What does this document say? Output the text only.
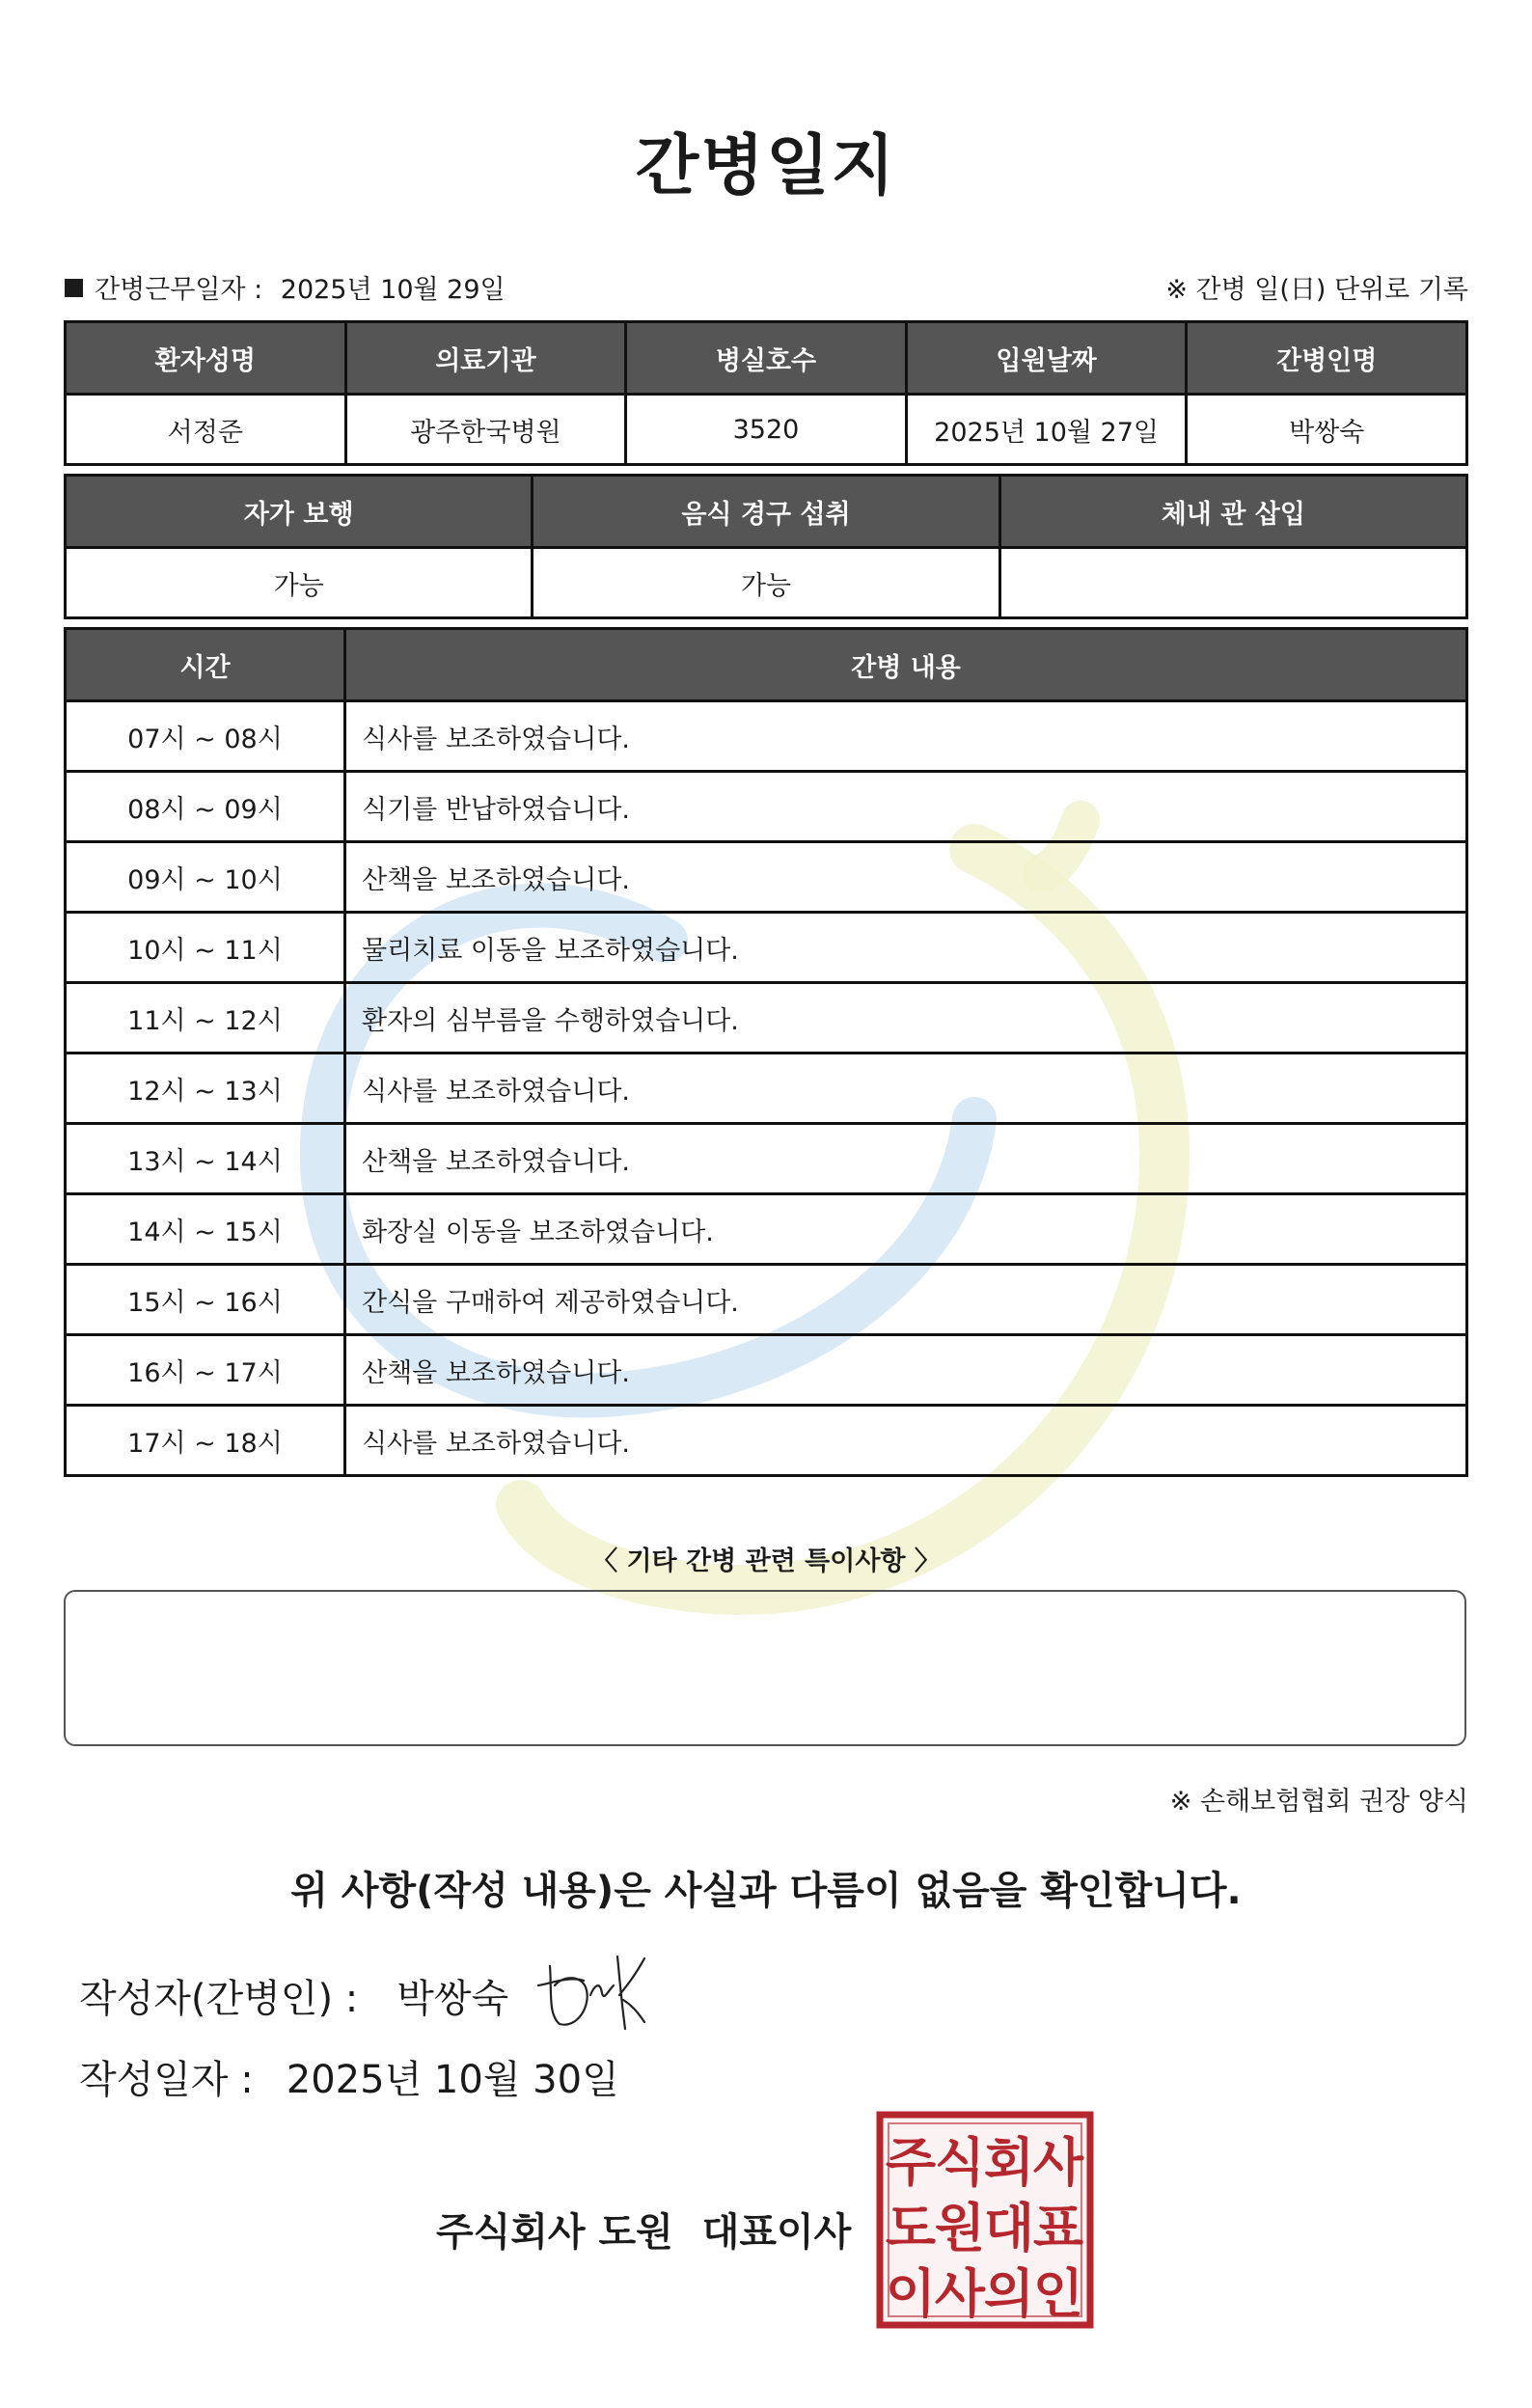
간병일지
간병근무일자 : 2025년 10월 29일	※ 간병 일(日) 단위로 기록
환자성명	의료기관	병실호수	입원날짜	간병인명
서정준	광주한국병원	3520	2025년 10월 27일	박쌍숙
자가 보행	음식 경구 섭취	체내 관 삽입
가능	가능	
시간	간병 내용
07시 ~ 08시	식사를 보조하였습니다.
08시 ~ 09시	식기를 반납하였습니다.
09시 ~ 10시	산책을 보조하였습니다.
10시 ~ 11시	물리치료 이동을 보조하였습니다.
11시 ~ 12시	환자의 심부름을 수행하였습니다.
12시 ~ 13시	식사를 보조하였습니다.
13시 ~ 14시	산책을 보조하였습니다.
14시 ~ 15시	화장실 이동을 보조하였습니다.
15시 ~ 16시	간식을 구매하여 제공하였습니다.
16시 ~ 17시	산책을 보조하였습니다.
17시 ~ 18시	식사를 보조하였습니다.
〈 기타 간병 관련 특이사항 〉
※ 손해보험협회 권장 양식
위 사항(작성 내용)은 사실과 다름이 없음을 확인합니다.
작성자(간병인) : 박쌍숙
작성일자 : 2025년 10월 30일
주식회사 도원 대표이사
주
식
회
사
도
원
대
표
이
사
의
인
